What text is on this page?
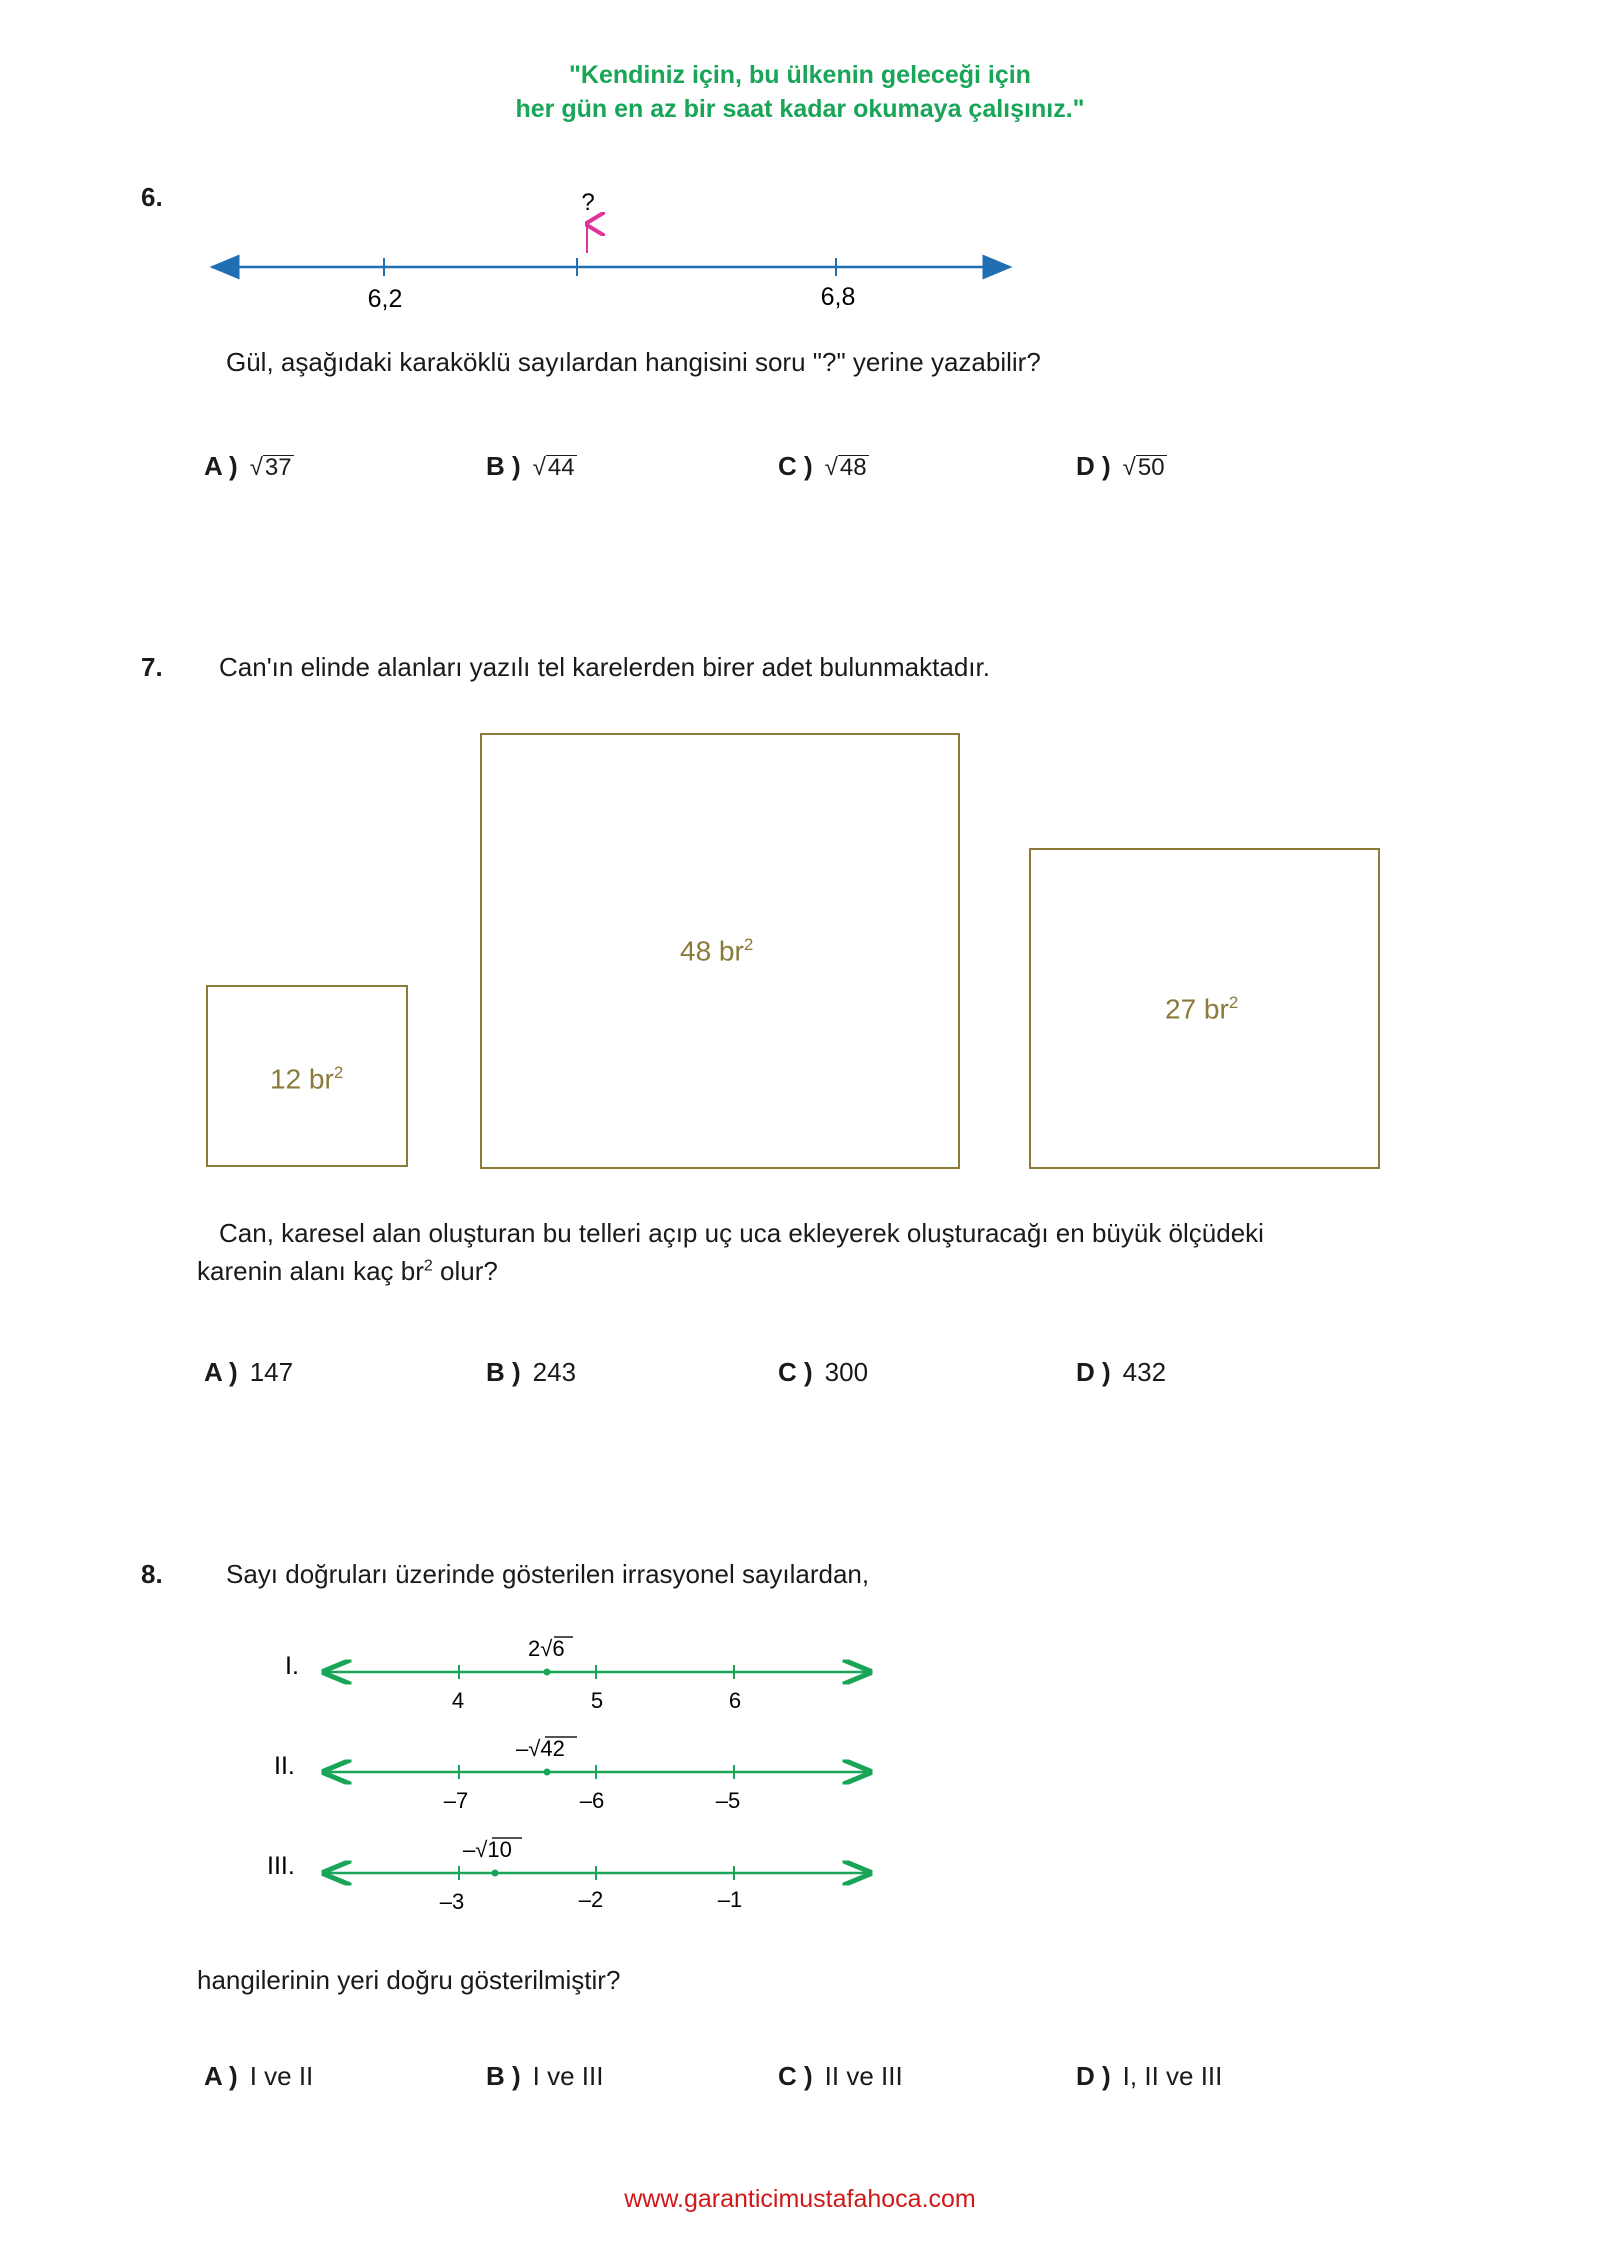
"Kendiniz için, bu ülkenin geleceği için
her gün en az bir saat kadar okumaya çalışınız."
6.
6,2	6,8
?
Gül, aşağıdaki karaköklü sayılardan hangisini soru "?" yerine yazabilir?
A ) √37	B ) √44	C ) √48	D ) √50
7. Can'ın elinde alanları yazılı tel karelerden birer adet bulunmaktadır.
12 $br^2$
48 $br^2$
27 $br^2$
Can, karesel alan oluşturan bu telleri açıp uç uca ekleyerek oluşturacağı en büyük ölçüdeki
karenin alanı kaç $br^2$ olur?
A ) 147	B ) 243	C ) 300	D ) 432
8. Sayı doğruları üzerinde gösterilen irrasyonel sayılardan,
I.
4	5	6
2√6
II.
–7	–6	–5
–√42
III.
–3	–2	–1
–√10
hangilerinin yeri doğru gösterilmiştir?
A ) I ve II	B ) I ve III	C ) II ve III	D ) I, II ve III
www.garanticimustafahoca.com
